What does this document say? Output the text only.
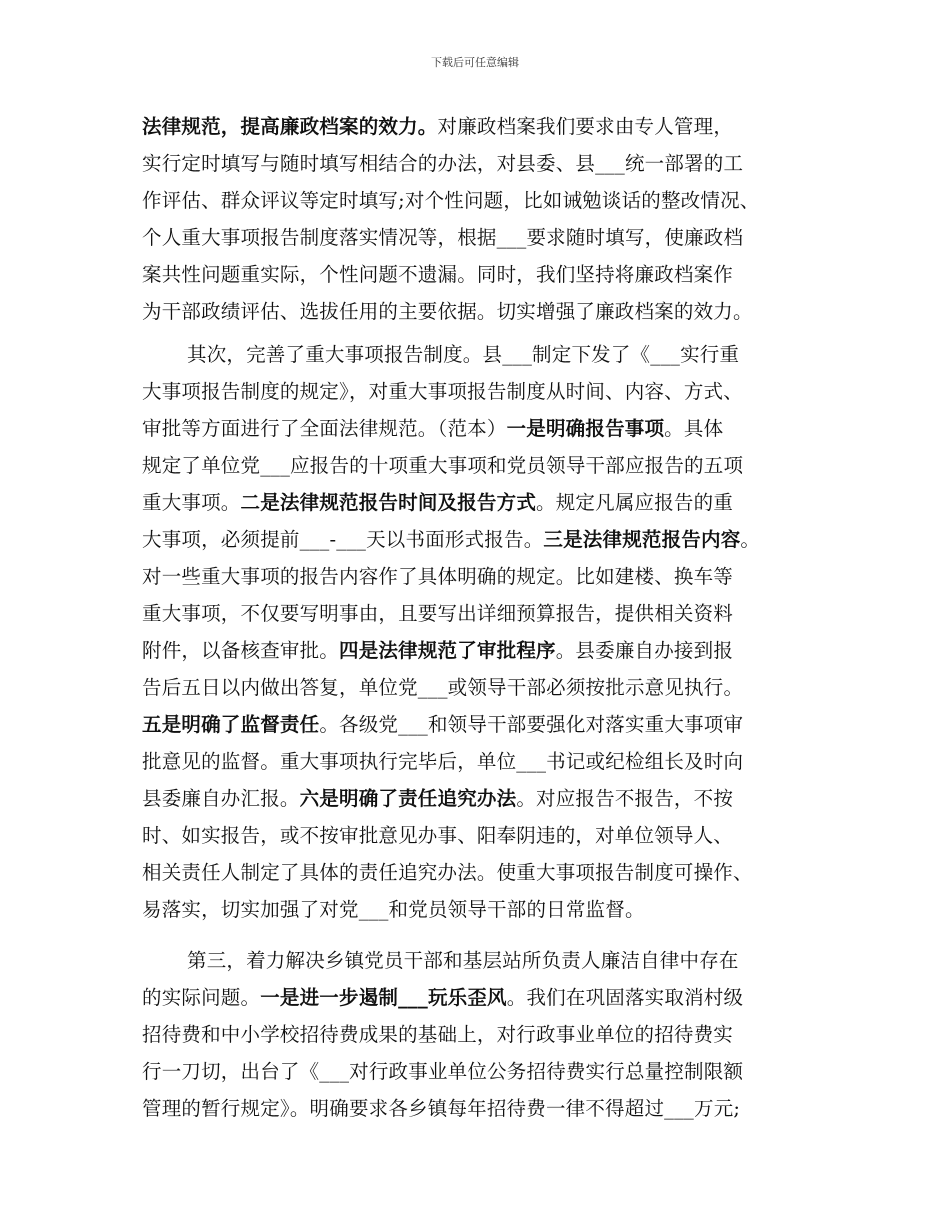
下载后可任意编辑
法律规范，提高廉政档案的效力。对廉政档案我们要求由专人管理，
实行定时填写与随时填写相结合的办法，对县委、县___统一部署的工
作评估、群众评议等定时填写;对个性问题，比如诫勉谈话的整改情况、
个人重大事项报告制度落实情况等，根据___要求随时填写，使廉政档
案共性问题重实际，个性问题不遗漏。同时，我们坚持将廉政档案作
为干部政绩评估、选拔任用的主要依据。切实增强了廉政档案的效力。
其次，完善了重大事项报告制度。县___制定下发了《___实行重
大事项报告制度的规定》，对重大事项报告制度从时间、内容、方式、
审批等方面进行了全面法律规范。（范本）一是明确报告事项。具体
规定了单位党___应报告的十项重大事项和党员领导干部应报告的五项
重大事项。二是法律规范报告时间及报告方式。规定凡属应报告的重
大事项，必须提前___-___天以书面形式报告。三是法律规范报告内容。
对一些重大事项的报告内容作了具体明确的规定。比如建楼、换车等
重大事项，不仅要写明事由，且要写出详细预算报告，提供相关资料
附件，以备核查审批。四是法律规范了审批程序。县委廉自办接到报
告后五日以内做出答复，单位党___或领导干部必须按批示意见执行。
五是明确了监督责任。各级党___和领导干部要强化对落实重大事项审
批意见的监督。重大事项执行完毕后，单位___书记或纪检组长及时向
县委廉自办汇报。六是明确了责任追究办法。对应报告不报告，不按
时、如实报告，或不按审批意见办事、阳奉阴违的，对单位领导人、
相关责任人制定了具体的责任追究办法。使重大事项报告制度可操作、
易落实，切实加强了对党___和党员领导干部的日常监督。
第三，着力解决乡镇党员干部和基层站所负责人廉洁自律中存在
的实际问题。一是进一步遏制___玩乐歪风。我们在巩固落实取消村级
招待费和中小学校招待费成果的基础上，对行政事业单位的招待费实
行一刀切，出台了《___对行政事业单位公务招待费实行总量控制限额
管理的暂行规定》。明确要求各乡镇每年招待费一律不得超过___万元;
